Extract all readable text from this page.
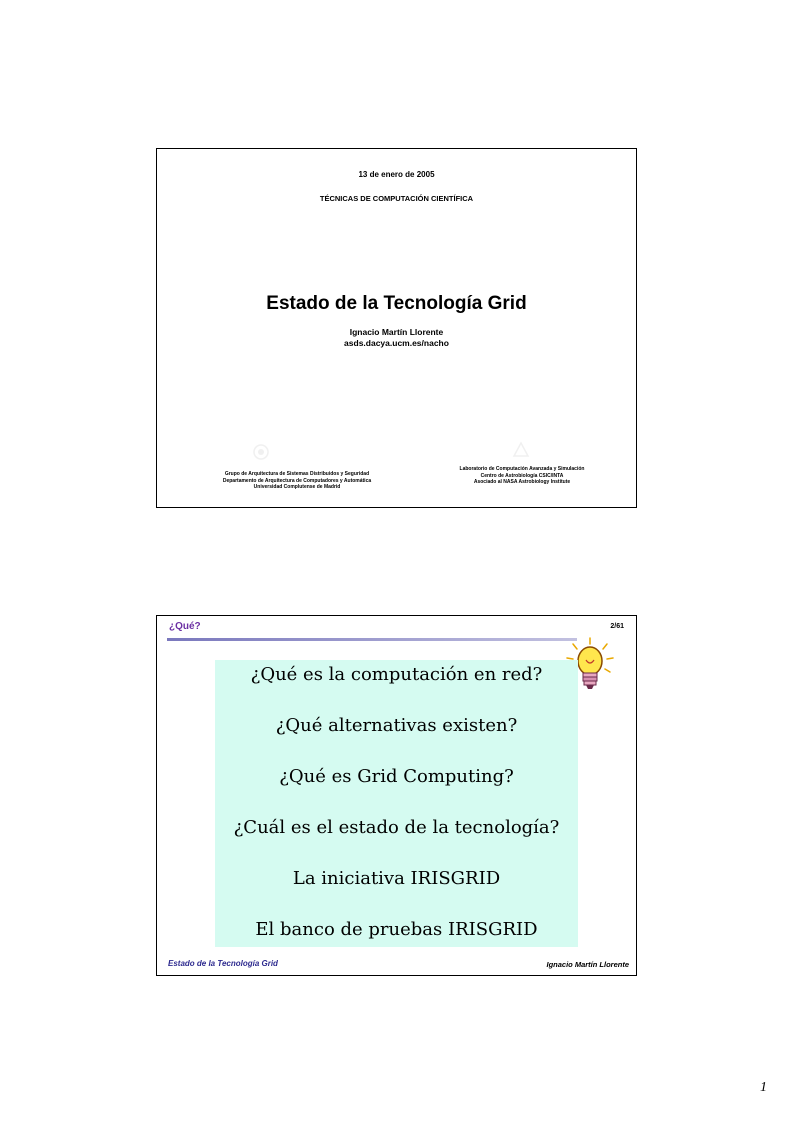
13 de enero de 2005
TÉCNICAS DE COMPUTACIÓN CIENTÍFICA
Estado de la Tecnología Grid
Ignacio Martín Llorente
asds.dacya.ucm.es/nacho
Grupo de Arquitectura de Sistemas Distribuidos y Seguridad
Departamento de Arquitectura de Computadores y Automática
Universidad Complutense de Madrid
Laboratorio de Computación Avanzada y Simulación
Centro de Astrobiología CSIC/INTA
Asociado al NASA Astrobiology Institute
¿Qué?	2/61
¿Qué es la computación en red?
¿Qué alternativas existen?
¿Qué es Grid Computing?
¿Cuál es el estado de la tecnología?
La iniciativa IRISGRID
El banco de pruebas IRISGRID
Estado de la Tecnología Grid	Ignacio Martín Llorente
1
